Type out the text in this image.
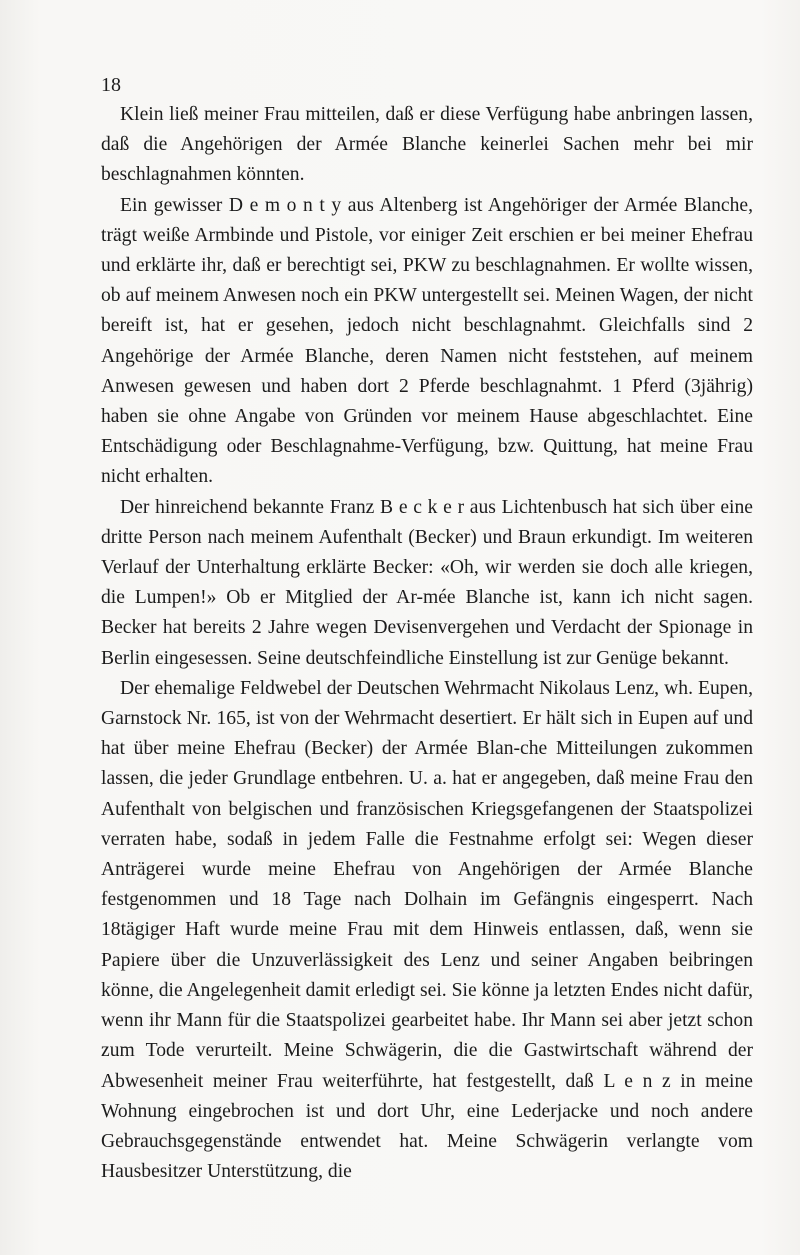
18

Klein ließ meiner Frau mitteilen, daß er diese Verfügung habe anbringen lassen, daß die Angehörigen der Armée Blanche keinerlei Sachen mehr bei mir beschlagnahmen könnten.

Ein gewisser D e m o n t y aus Altenberg ist Angehöriger der Armée Blanche, trägt weiße Armbinde und Pistole, vor einiger Zeit erschien er bei meiner Ehefrau und erklärte ihr, daß er berechtigt sei, PKW zu beschlagnahmen. Er wollte wissen, ob auf meinem Anwesen noch ein PKW untergestellt sei. Meinen Wagen, der nicht bereift ist, hat er gesehen, jedoch nicht beschlagnahmt. Gleichfalls sind 2 Angehörige der Armée Blanche, deren Namen nicht feststehen, auf meinem Anwesen gewesen und haben dort 2 Pferde beschlagnahmt. 1 Pferd (3jährig) haben sie ohne Angabe von Gründen vor meinem Hause abgeschlachtet. Eine Entschädigung oder Beschlagnahme-Verfügung, bzw. Quittung, hat meine Frau nicht erhalten.

Der hinreichend bekannte Franz B e c k e r aus Lichtenbusch hat sich über eine dritte Person nach meinem Aufenthalt (Becker) und Braun erkundigt. Im weiteren Verlauf der Unterhaltung erklärte Becker: «Oh, wir werden sie doch alle kriegen, die Lumpen!» Ob er Mitglied der Ar-mée Blanche ist, kann ich nicht sagen. Becker hat bereits 2 Jahre wegen Devisenvergehen und Verdacht der Spionage in Berlin eingesessen. Seine deutschfeindliche Einstellung ist zur Genüge bekannt.

Der ehemalige Feldwebel der Deutschen Wehrmacht Nikolaus Lenz, wh. Eupen, Garnstock Nr. 165, ist von der Wehrmacht desertiert. Er hält sich in Eupen auf und hat über meine Ehefrau (Becker) der Armée Blan-che Mitteilungen zukommen lassen, die jeder Grundlage entbehren. U. a. hat er angegeben, daß meine Frau den Aufenthalt von belgischen und französischen Kriegsgefangenen der Staatspolizei verraten habe, sodaß in jedem Falle die Festnahme erfolgt sei: Wegen dieser Anträgerei wurde meine Ehefrau von Angehörigen der Armée Blanche festgenommen und 18 Tage nach Dolhain im Gefängnis eingesperrt. Nach 18tägiger Haft wurde meine Frau mit dem Hinweis entlassen, daß, wenn sie Papiere über die Unzuverlässigkeit des Lenz und seiner Angaben beibringen könne, die Angelegenheit damit erledigt sei. Sie könne ja letzten Endes nicht dafür, wenn ihr Mann für die Staatspolizei gearbeitet habe. Ihr Mann sei aber jetzt schon zum Tode verurteilt. Meine Schwägerin, die die Gastwirtschaft während der Abwesenheit meiner Frau weiterführte, hat festgestellt, daß L e n z in meine Wohnung eingebrochen ist und dort Uhr, eine Lederjacke und noch andere Gebrauchsgegenstände entwendet hat. Meine Schwägerin verlangte vom Hausbesitzer Unterstützung, die
